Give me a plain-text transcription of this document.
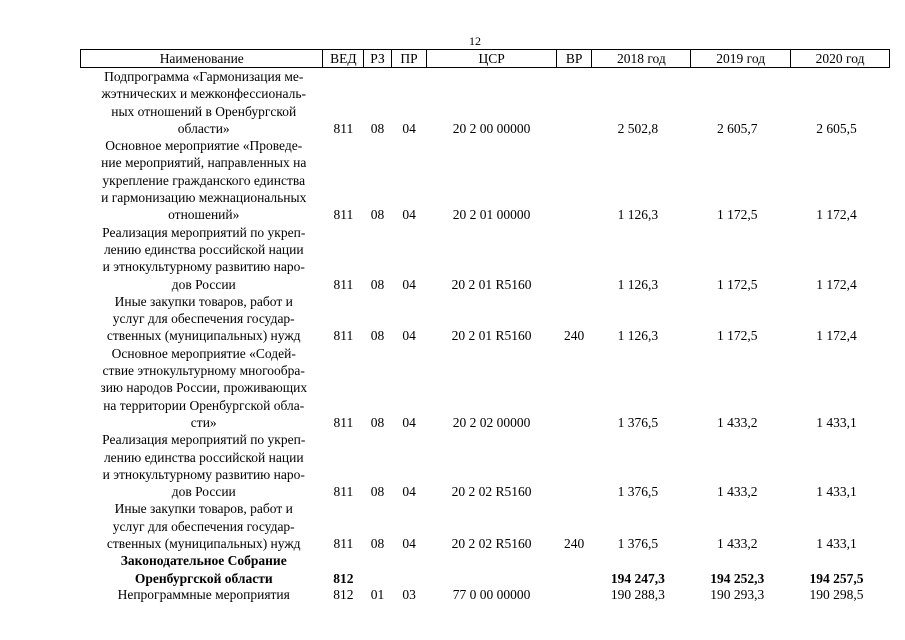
12
Наименование	ВЕД	РЗ	ПР	ЦСР	ВР	2018 год	2019 год	2020 год
Подпрограмма «Гармонизация ме-
жэтнических и межконфессиональ-
ных отношений в Оренбургской
области»	811	08	04	20 2 00 00000		2 502,8	2 605,7	2 605,5
Основное мероприятие «Проведе-
ние мероприятий, направленных на
укрепление гражданского единства
и гармонизацию межнациональных
отношений»	811	08	04	20 2 01 00000		1 126,3	1 172,5	1 172,4
Реализация мероприятий по укреп-
лению единства российской нации
и этнокультурному развитию наро-
дов России	811	08	04	20 2 01 R5160		1 126,3	1 172,5	1 172,4
Иные закупки товаров, работ и
услуг для обеспечения государ-
ственных (муниципальных) нужд	811	08	04	20 2 01 R5160	240	1 126,3	1 172,5	1 172,4
Основное мероприятие «Содей-
ствие этнокультурному многообра-
зию народов России, проживающих
на территории Оренбургской обла-
сти»	811	08	04	20 2 02 00000		1 376,5	1 433,2	1 433,1
Реализация мероприятий по укреп-
лению единства российской нации
и этнокультурному развитию наро-
дов России	811	08	04	20 2 02 R5160		1 376,5	1 433,2	1 433,1
Иные закупки товаров, работ и
услуг для обеспечения государ-
ственных (муниципальных) нужд	811	08	04	20 2 02 R5160	240	1 376,5	1 433,2	1 433,1
Законодательное Собрание
Оренбургской области	812					194 247,3	194 252,3	194 257,5
Непрограммные мероприятия	812	01	03	77 0 00 00000		190 288,3	190 293,3	190 298,5
